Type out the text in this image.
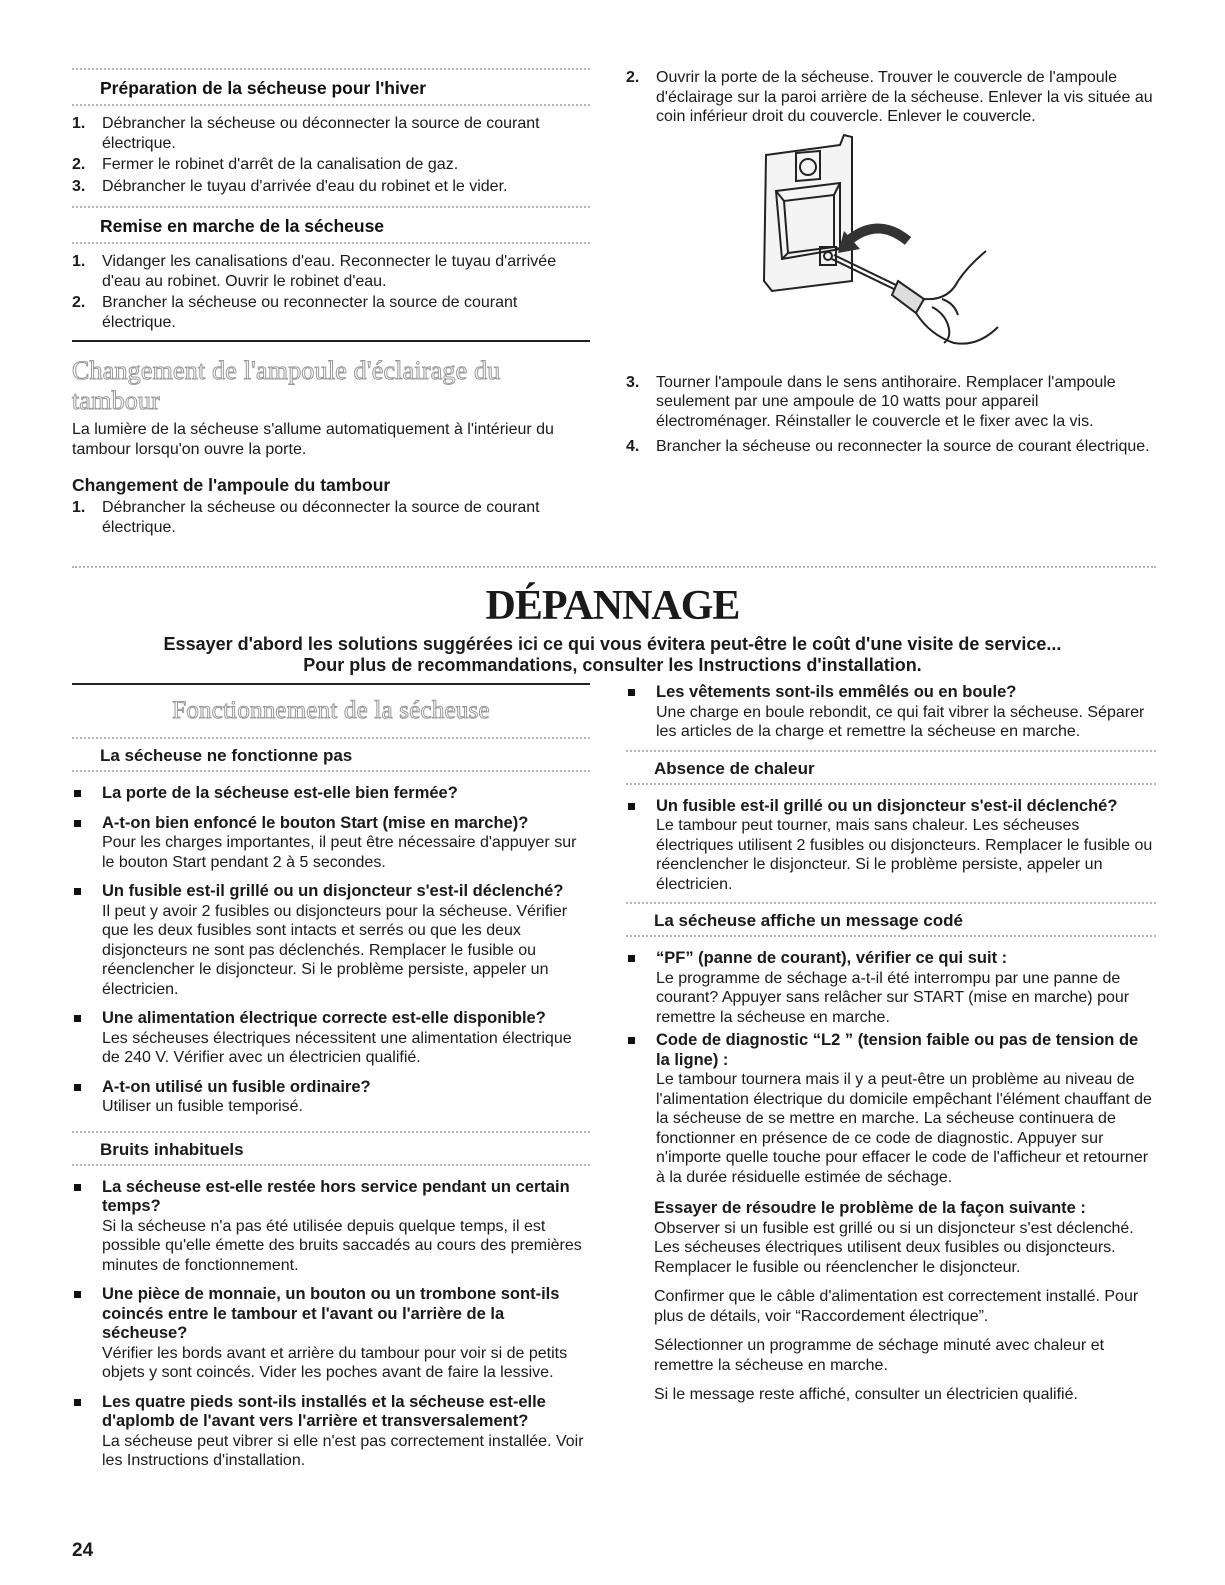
Préparation de la sécheuse pour l'hiver
1. Débrancher la sécheuse ou déconnecter la source de courant électrique.
2. Fermer le robinet d'arrêt de la canalisation de gaz.
3. Débrancher le tuyau d'arrivée d'eau du robinet et le vider.
Remise en marche de la sécheuse
1. Vidanger les canalisations d'eau. Reconnecter le tuyau d'arrivée d'eau au robinet. Ouvrir le robinet d'eau.
2. Brancher la sécheuse ou reconnecter la source de courant électrique.
Changement de l'ampoule d'éclairage du tambour

La lumière de la sécheuse s'allume automatiquement à l'intérieur du tambour lorsqu'on ouvre la porte.

Changement de l'ampoule du tambour
1. Débrancher la sécheuse ou déconnecter la source de courant électrique.
2. Ouvrir la porte de la sécheuse. Trouver le couvercle de l'ampoule d'éclairage sur la paroi arrière de la sécheuse. Enlever la vis située au coin inférieur droit du couvercle. Enlever le couvercle.
3. Tourner l'ampoule dans le sens antihoraire. Remplacer l'ampoule seulement par une ampoule de 10 watts pour appareil électroménager. Réinstaller le couvercle et le fixer avec la vis.
4. Brancher la sécheuse ou reconnecter la source de courant électrique.
DÉPANNAGE
Essayer d'abord les solutions suggérées ici ce qui vous évitera peut-être le coût d'une visite de service...
Pour plus de recommandations, consulter les Instructions d'installation.
Fonctionnement de la sécheuse
La sécheuse ne fonctionne pas
La porte de la sécheuse est-elle bien fermée?
A-t-on bien enfoncé le bouton Start (mise en marche)?
Pour les charges importantes, il peut être nécessaire d'appuyer sur le bouton Start pendant 2 à 5 secondes.
Un fusible est-il grillé ou un disjoncteur s'est-il déclenché?
Il peut y avoir 2 fusibles ou disjoncteurs pour la sécheuse. Vérifier que les deux fusibles sont intacts et serrés ou que les deux disjoncteurs ne sont pas déclenchés. Remplacer le fusible ou réenclencher le disjoncteur. Si le problème persiste, appeler un électricien.
Une alimentation électrique correcte est-elle disponible?
Les sécheuses électriques nécessitent une alimentation électrique de 240 V. Vérifier avec un électricien qualifié.
A-t-on utilisé un fusible ordinaire?
Utiliser un fusible temporisé.
Bruits inhabituels
La sécheuse est-elle restée hors service pendant un certain temps?
Si la sécheuse n'a pas été utilisée depuis quelque temps, il est possible qu'elle émette des bruits saccadés au cours des premières minutes de fonctionnement.
Une pièce de monnaie, un bouton ou un trombone sont-ils coincés entre le tambour et l'avant ou l'arrière de la sécheuse?
Vérifier les bords avant et arrière du tambour pour voir si de petits objets y sont coincés. Vider les poches avant de faire la lessive.
Les quatre pieds sont-ils installés et la sécheuse est-elle d'aplomb de l'avant vers l'arrière et transversalement?
La sécheuse peut vibrer si elle n'est pas correctement installée. Voir les Instructions d'installation.
Les vêtements sont-ils emmêlés ou en boule?
Une charge en boule rebondit, ce qui fait vibrer la sécheuse. Séparer les articles de la charge et remettre la sécheuse en marche.
Absence de chaleur
Un fusible est-il grillé ou un disjoncteur s'est-il déclenché?
Le tambour peut tourner, mais sans chaleur. Les sécheuses électriques utilisent 2 fusibles ou disjoncteurs. Remplacer le fusible ou réenclencher le disjoncteur. Si le problème persiste, appeler un électricien.
La sécheuse affiche un message codé
“PF” (panne de courant), vérifier ce qui suit :
Le programme de séchage a-t-il été interrompu par une panne de courant? Appuyer sans relâcher sur START (mise en marche) pour remettre la sécheuse en marche.
Code de diagnostic “L2 ” (tension faible ou pas de tension de la ligne) :
Le tambour tournera mais il y a peut-être un problème au niveau de l'alimentation électrique du domicile empêchant l'élément chauffant de la sécheuse de se mettre en marche. La sécheuse continuera de fonctionner en présence de ce code de diagnostic. Appuyer sur n'importe quelle touche pour effacer le code de l'afficheur et retourner à la durée résiduelle estimée de séchage.
Essayer de résoudre le problème de la façon suivante :
Observer si un fusible est grillé ou si un disjoncteur s'est déclenché. Les sécheuses électriques utilisent deux fusibles ou disjoncteurs. Remplacer le fusible ou réenclencher le disjoncteur.
Confirmer que le câble d'alimentation est correctement installé. Pour plus de détails, voir “Raccordement électrique”.
Sélectionner un programme de séchage minuté avec chaleur et remettre la sécheuse en marche.
Si le message reste affiché, consulter un électricien qualifié.
24
